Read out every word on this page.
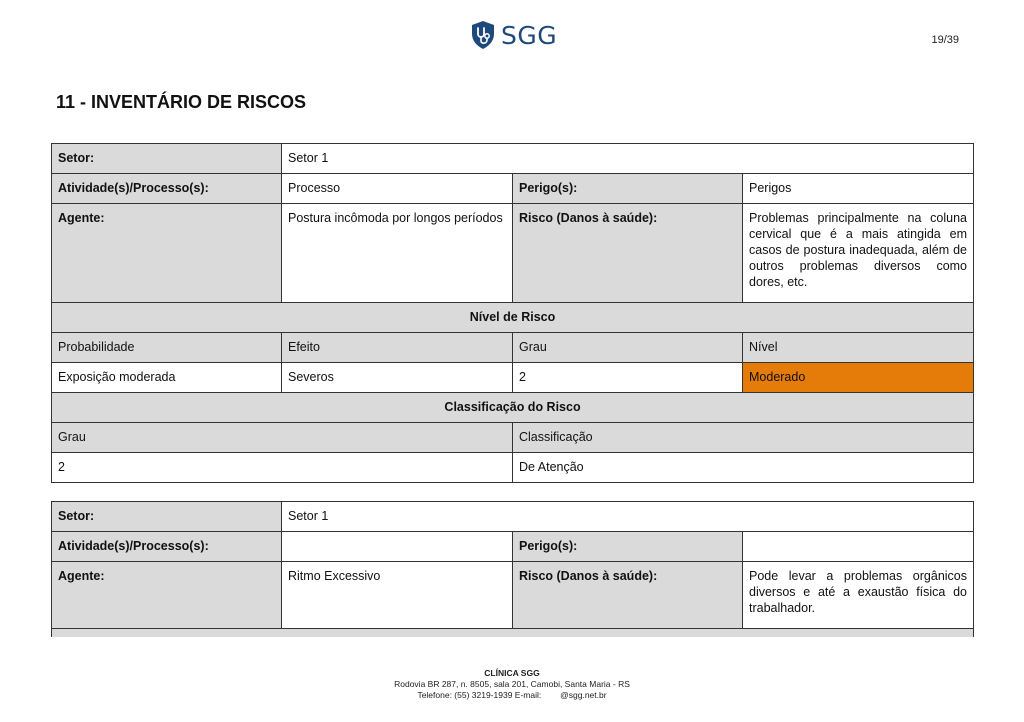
SGG	19/39
11 - INVENTÁRIO DE RISCOS
Setor:	Setor 1		
Atividade(s)/Processo(s):	Processo	Perigo(s):	Perigos
Agente:	Postura incômoda por longos períodos	Risco (Danos à saúde):	Problemas principalmente na coluna cervical que é a mais atingida em casos de postura inadequada, além de outros problemas diversos como dores, etc.
Nível de Risco			
Probabilidade	Efeito	Grau	Nível
Exposição moderada	Severos	2	Moderado
Classificação do Risco			
Grau		Classificação	
2		De Atenção	
Setor:	Setor 1		
Atividade(s)/Processo(s):		Perigo(s):	
Agente:	Ritmo Excessivo	Risco (Danos à saúde):	Pode levar a problemas orgânicos diversos e até a exaustão física do trabalhador.

CLÍNICA SGG
Rodovia BR 287, n. 8505, sala 201, Camobi, Santa Maria - RS
Telefone: (55) 3219-1939 E-mail:        @sgg.net.br
